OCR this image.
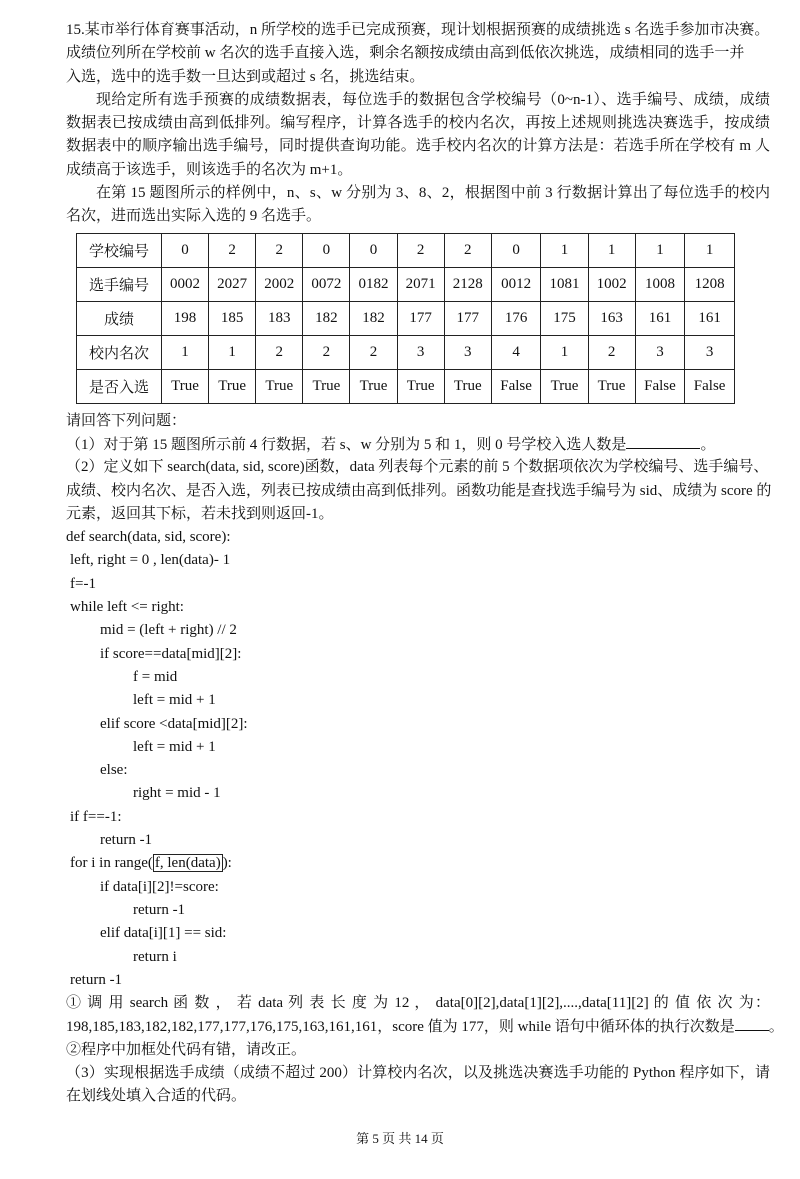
15.某市举行体育赛事活动，n 所学校的选手已完成预赛，现计划根据预赛的成绩挑选 s 名选手参加市决赛。
成绩位列所在学校前 w 名次的选手直接入选，剩余名额按成绩由高到低依次挑选，成绩相同的选手一并
入选，选中的选手数一旦达到或超过 s 名，挑选结束。
现给定所有选手预赛的成绩数据表，每位选手的数据包含学校编号（0~n-1）、选手编号、成绩，成绩
数据表已按成绩由高到低排列。编写程序，计算各选手的校内名次，再按上述规则挑选决赛选手，按成绩
数据表中的顺序输出选手编号，同时提供查询功能。选手校内名次的计算方法是：若选手所在学校有 m 人
成绩高于该选手，则该选手的名次为 m+1。
在第 15 题图所示的样例中，n、s、w 分别为 3、8、2，根据图中前 3 行数据计算出了每位选手的校内
名次，进而选出实际入选的 9 名选手。
学校编号	0	2	2	0	0	2	2	0	1	1	1	1
选手编号	0002	2027	2002	0072	0182	2071	2128	0012	1081	1002	1008	1208
成绩	198	185	183	182	182	177	177	176	175	163	161	161
校内名次	1	1	2	2	2	3	3	4	1	2	3	3
是否入选	True	True	True	True	True	True	True	False	True	True	False	False
请回答下列问题：
（1）对于第 15 题图所示前 4 行数据，若 s、w 分别为 5 和 1，则 0 号学校入选人数是	。
（2）定义如下 search(data, sid, score)函数，data 列表每个元素的前 5 个数据项依次为学校编号、选手编号、
成绩、校内名次、是否入选，列表已按成绩由高到低排列。函数功能是查找选手编号为 sid、成绩为 score 的
元素，返回其下标，若未找到则返回-1。
def search(data, sid, score):
left, right = 0 , len(data)- 1
f=-1
while left <= right:
mid = (left + right) // 2
if score==data[mid][2]:
f = mid
left = mid + 1
elif score <data[mid][2]:
left = mid + 1
else:
right = mid - 1
if f==-1:
return -1
for i in range( f, len(data) ):
if data[i][2]!=score:
return -1
elif data[i][1] == sid:
return i
return -1
① 调 用 search 函 数 ， 若 data 列 表 长 度 为 12 ， data[0][2],data[1][2],....,data[11][2] 的 值 依 次 为：
198,185,183,182,182,177,177,176,175,163,161,161，score 值为 177，则 while 语句中循环体的执行次数是 。
②程序中加框处代码有错，请改正。
（3）实现根据选手成绩（成绩不超过 200）计算校内名次，以及挑选决赛选手功能的 Python 程序如下，请
在划线处填入合适的代码。
第 5 页 共 14 页
